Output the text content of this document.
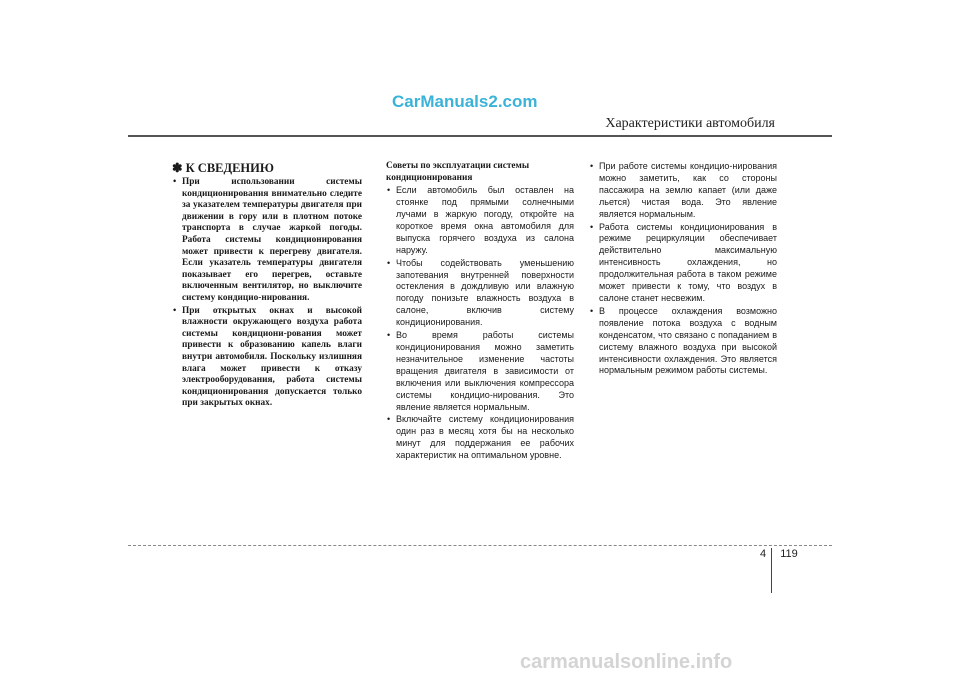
CarManuals2.com
Характеристики автомобиля
✽ К СВЕДЕНИЮ
• При использовании системы кондиционирования внимательно следите за указателем температуры двигателя при движении в гору или в плотном потоке транспорта в случае жаркой погоды. Работа системы кондиционирования может привести к перегреву двигателя. Если указатель температуры двигателя показывает его перегрев, оставьте включенным вентилятор, но выключите систему кондицио-нирования.
• При открытых окнах и высокой влажности окружающего воздуха работа системы кондициони-рования может привести к образованию капель влаги внутри автомобиля. Поскольку излишняя влага может привести к отказу электрооборудования, работа системы кондиционирования допускается только при закрытых окнах.
Советы по эксплуатации системы кондиционирования
• Если автомобиль был оставлен на стоянке под прямыми солнечными лучами в жаркую погоду, откройте на короткое время окна автомобиля для выпуска горячего воздуха из салона наружу.
• Чтобы содействовать уменьшению запотевания внутренней поверхности остекления в дождливую или влажную погоду понизьте влажность воздуха в салоне, включив систему кондиционирования.
• Во время работы системы кондиционирования можно заметить незначительное изменение частоты вращения двигателя в зависимости от включения или выключения компрессора системы кондицио-нирования. Это явление является нормальным.
• Включайте систему кондиционирования один раз в месяц хотя бы на несколько минут для поддержания ее рабочих характеристик на оптимальном уровне.
• При работе системы кондицио-нирования можно заметить, как со стороны пассажира на землю капает (или даже льется) чистая вода. Это явление является нормальным.
• Работа системы кондиционирования в режиме рециркуляции обеспечивает действительно максимальную интенсивность охлаждения, но продолжительная работа в таком режиме может привести к тому, что воздух в салоне станет несвежим.
• В процессе охлаждения возможно появление потока воздуха с водным конденсатом, что связано с попаданием в систему влажного воздуха при высокой интенсивности охлаждения. Это является нормальным режимом работы системы.
4 119
carmanualsonline.info
